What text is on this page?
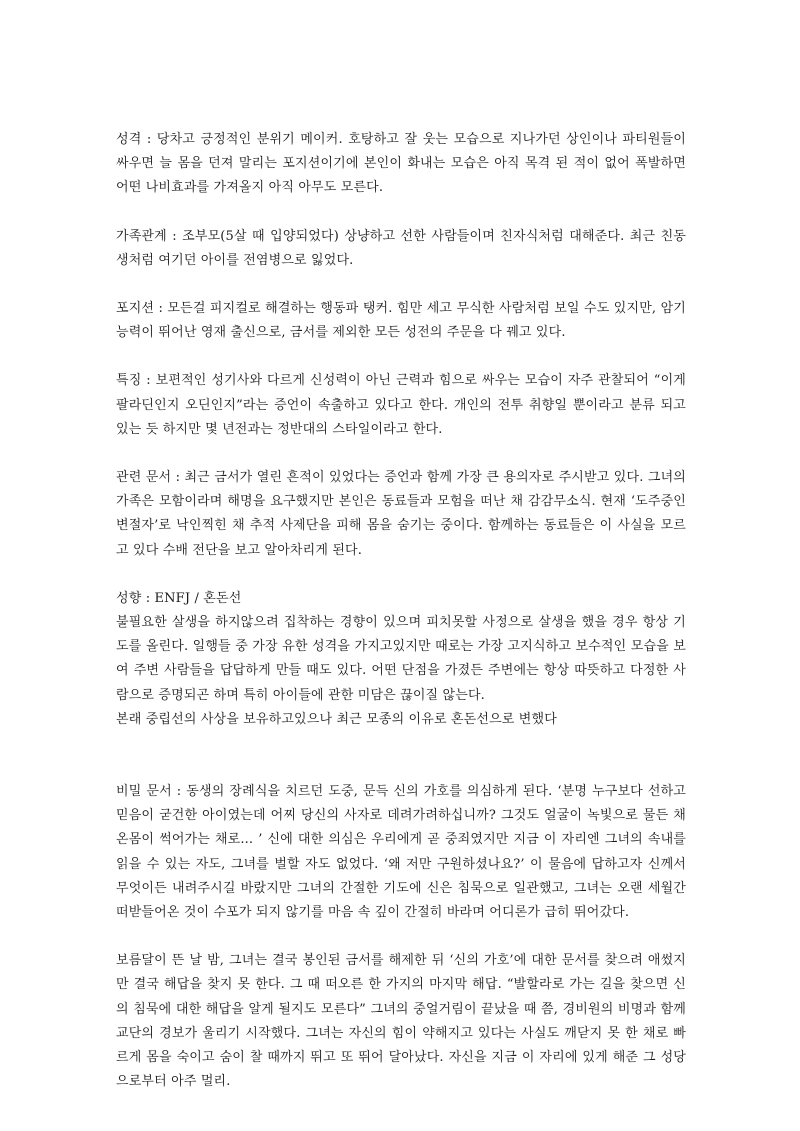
성격 : 당차고 긍정적인 분위기 메이커. 호탕하고 잘 웃는 모습으로 지나가던 상인이나 파티원들이 싸우면 늘 몸을 던져 말리는 포지션이기에 본인이 화내는 모습은 아직 목격 된 적이 없어 폭발하면 어떤 나비효과를 가져올지 아직 아무도 모른다.

가족관계 : 조부모(5살 때 입양되었다) 상냥하고 선한 사람들이며 친자식처럼 대해준다. 최근 친동생처럼 여기던 아이를 전염병으로 잃었다.

포지션 : 모든걸 피지컬로 해결하는 행동파 탱커. 힘만 세고 무식한 사람처럼 보일 수도 있지만, 암기 능력이 뛰어난 영재 출신으로, 금서를 제외한 모든 성전의 주문을 다 꿰고 있다.

특징 : 보편적인 성기사와 다르게 신성력이 아닌 근력과 힘으로 싸우는 모습이 자주 관찰되어 “이게 팔라딘인지 오딘인지”라는 증언이 속출하고 있다고 한다. 개인의 전투 취향일 뿐이라고 분류 되고 있는 듯 하지만 몇 년전과는 정반대의 스타일이라고 한다.

관련 문서 : 최근 금서가 열린 흔적이 있었다는 증언과 함께 가장 큰 용의자로 주시받고 있다. 그녀의 가족은 모함이라며 해명을 요구했지만 본인은 동료들과 모험을 떠난 채 감감무소식. 현재 ‘도주중인 변절자’로 낙인찍힌 채 추적 사제단을 피해 몸을 숨기는 중이다. 함께하는 동료들은 이 사실을 모르고 있다 수배 전단을 보고 알아차리게 된다.

성향 : ENFJ / 혼돈선
불필요한 살생을 하지않으려 집착하는 경향이 있으며 피치못할 사정으로 살생을 했을 경우 항상 기도를 올린다. 일행들 중 가장 유한 성격을 가지고있지만 때로는 가장 고지식하고 보수적인 모습을 보여 주변 사람들을 답답하게 만들 때도 있다. 어떤 단점을 가졌든 주변에는 항상 따뜻하고 다정한 사람으로 증명되곤 하며 특히 아이들에 관한 미담은 끊이질 않는다.
본래 중립선의 사상을 보유하고있으나 최근 모종의 이유로 혼돈선으로 변했다

비밀 문서 : 동생의 장례식을 치르던 도중, 문득 신의 가호를 의심하게 된다. ‘분명 누구보다 선하고 믿음이 굳건한 아이였는데 어찌 당신의 사자로 데려가려하십니까? 그것도 얼굴이 녹빛으로 물든 채 온몸이 썩어가는 채로... ’ 신에 대한 의심은 우리에게 곧 중죄였지만 지금 이 자리엔 그녀의 속내를 읽을 수 있는 자도, 그녀를 벌할 자도 없었다. ‘왜 저만 구원하셨나요?’ 이 물음에 답하고자 신께서 무엇이든 내려주시길 바랐지만 그녀의 간절한 기도에 신은 침묵으로 일관했고, 그녀는 오랜 세월간 떠받들어온 것이 수포가 되지 않기를 마음 속 깊이 간절히 바라며 어디론가 급히 뛰어갔다.

보름달이 뜬 날 밤, 그녀는 결국 봉인된 금서를 해제한 뒤 ‘신의 가호’에 대한 문서를 찾으려 애썼지만 결국 해답을 찾지 못 한다. 그 때 떠오른 한 가지의 마지막 해답. “발할라로 가는 길을 찾으면 신의 침묵에 대한 해답을 알게 될지도 모른다” 그녀의 중얼거림이 끝났을 때 쯤, 경비원의 비명과 함께 교단의 경보가 울리기 시작했다. 그녀는 자신의 힘이 약해지고 있다는 사실도 깨닫지 못 한 채로 빠르게 몸을 숙이고 숨이 찰 때까지 뛰고 또 뛰어 달아났다. 자신을 지금 이 자리에 있게 해준 그 성당으로부터 아주 멀리.
